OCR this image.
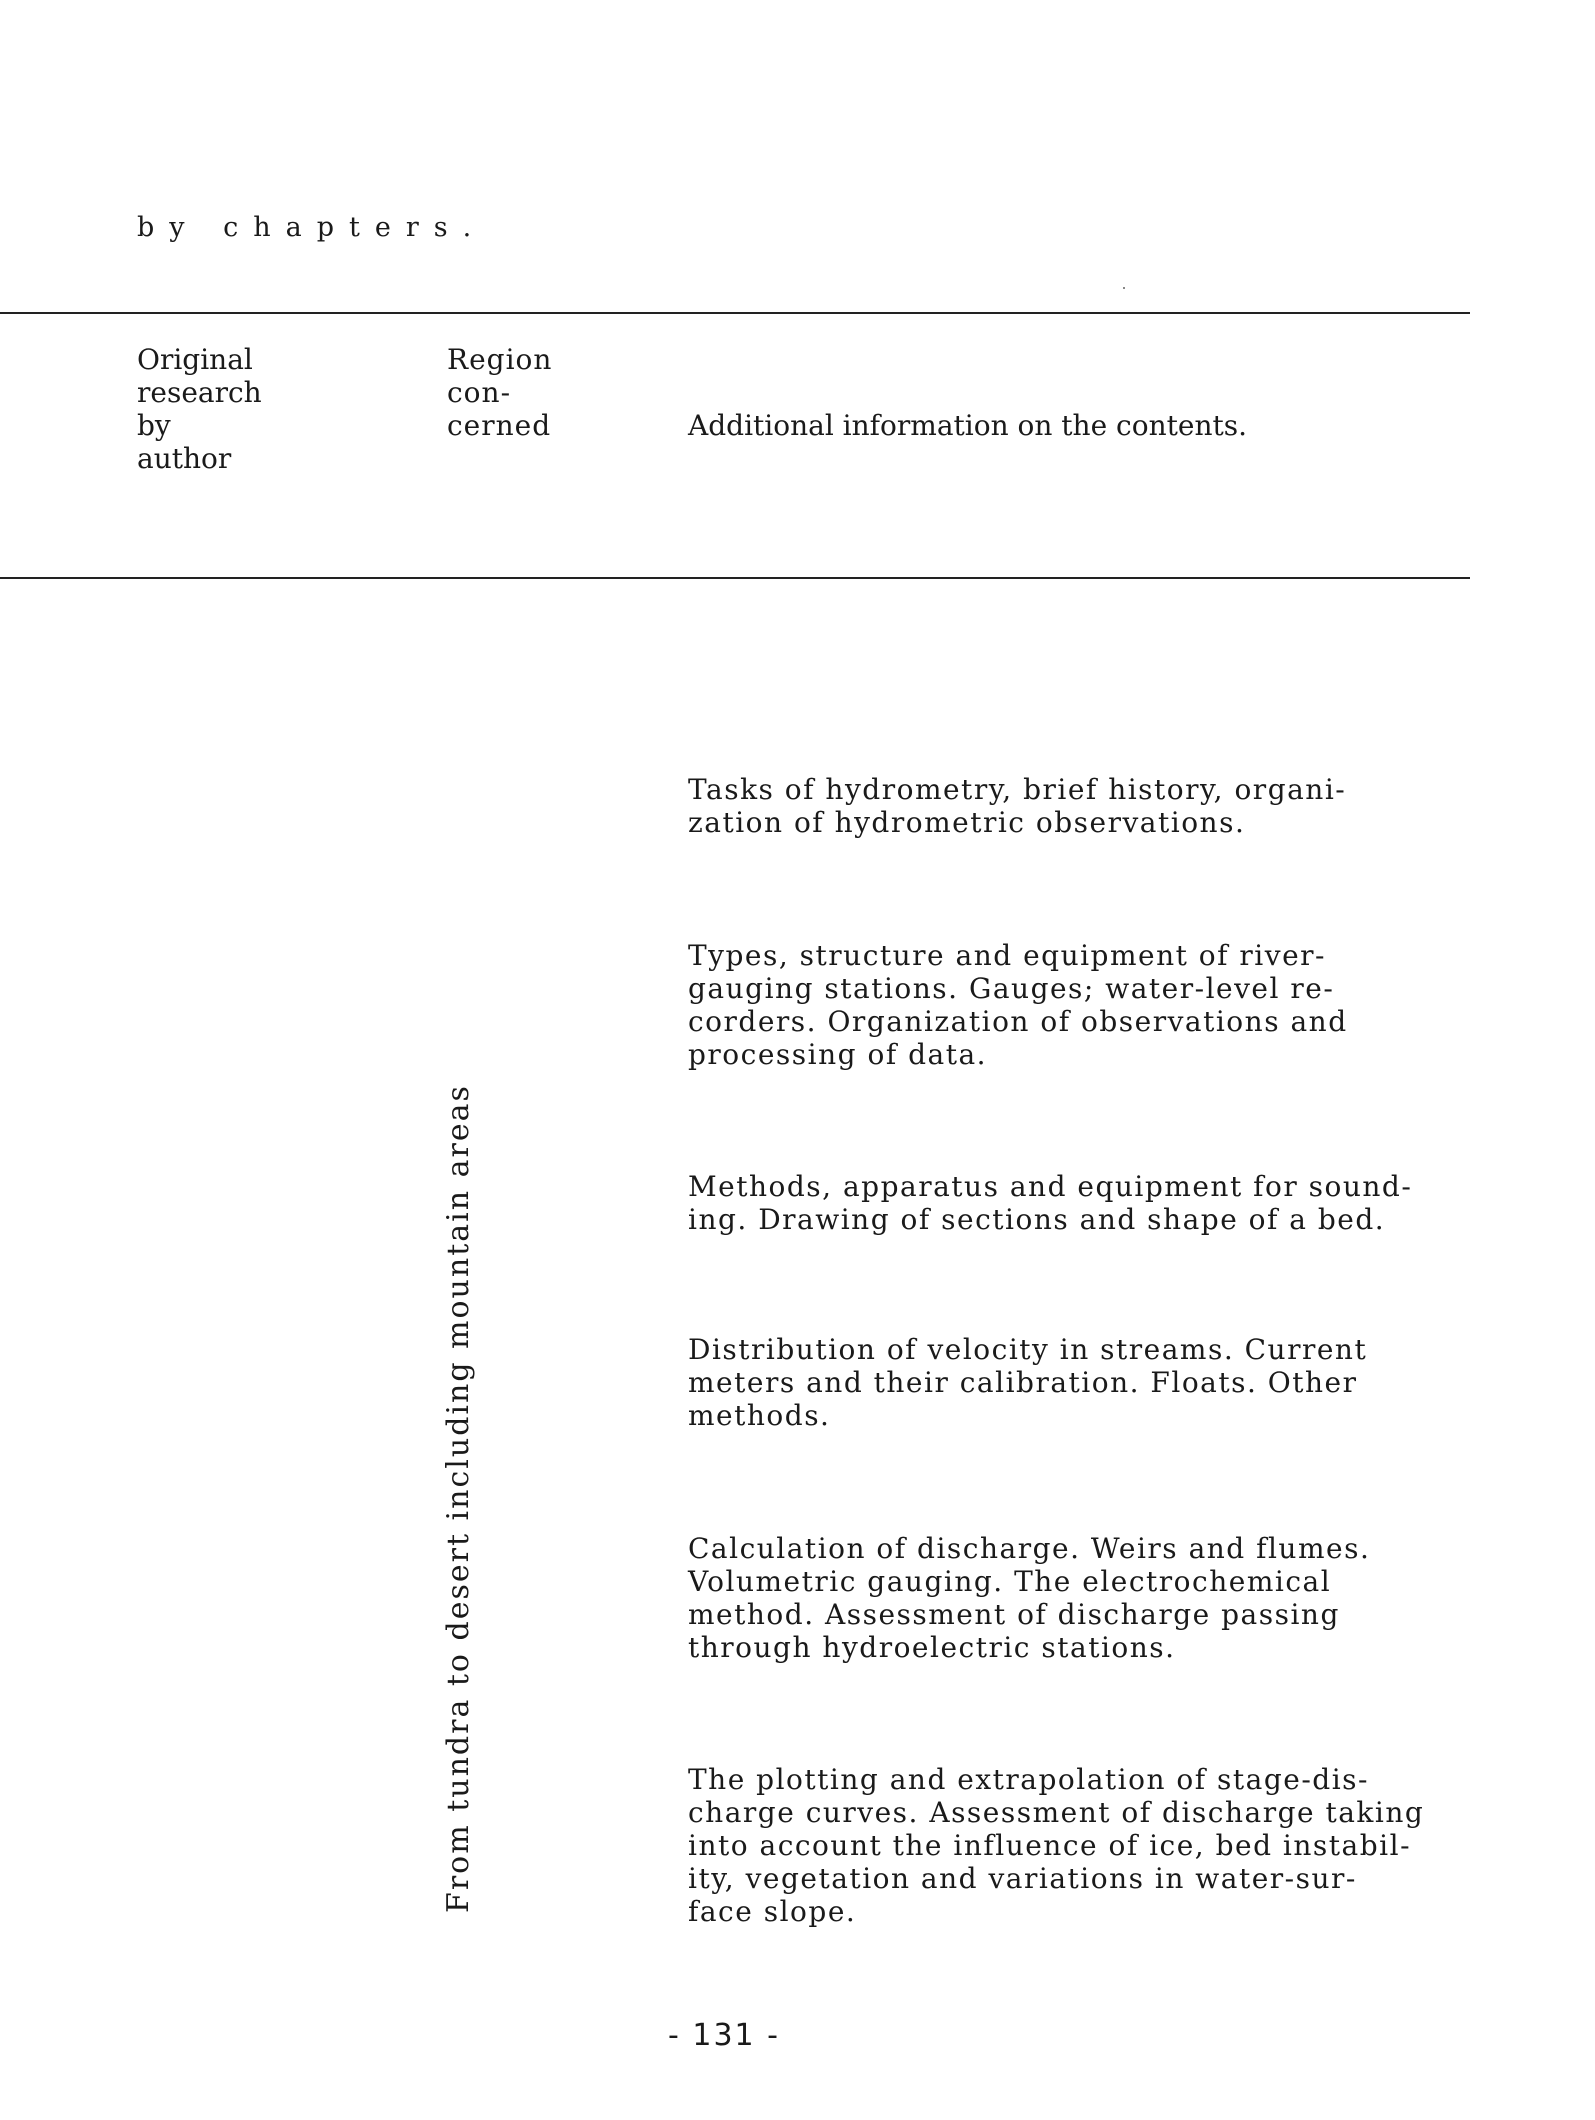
by chapters.
Original
research
by
author
Region
con-
cerned	Additional information on the contents.
Tasks of hydrometry, brief history, organi-
zation of hydrometric observations.
Types, structure and equipment of river-
gauging stations. Gauges; water-level re-
corders. Organization of observations and
processing of data.
Methods, apparatus and equipment for sound-
ing. Drawing of sections and shape of a bed.
Distribution of velocity in streams. Current
meters and their calibration. Floats. Other
methods.
Calculation of discharge. Weirs and flumes.
Volumetric gauging. The electrochemical
method. Assessment of discharge passing
through hydroelectric stations.
The plotting and extrapolation of stage-dis-
charge curves. Assessment of discharge taking
into account the influence of ice, bed instabil-
ity, vegetation and variations in water-sur-
face slope.
From tundra to desert including mountain areas

- 131 -
